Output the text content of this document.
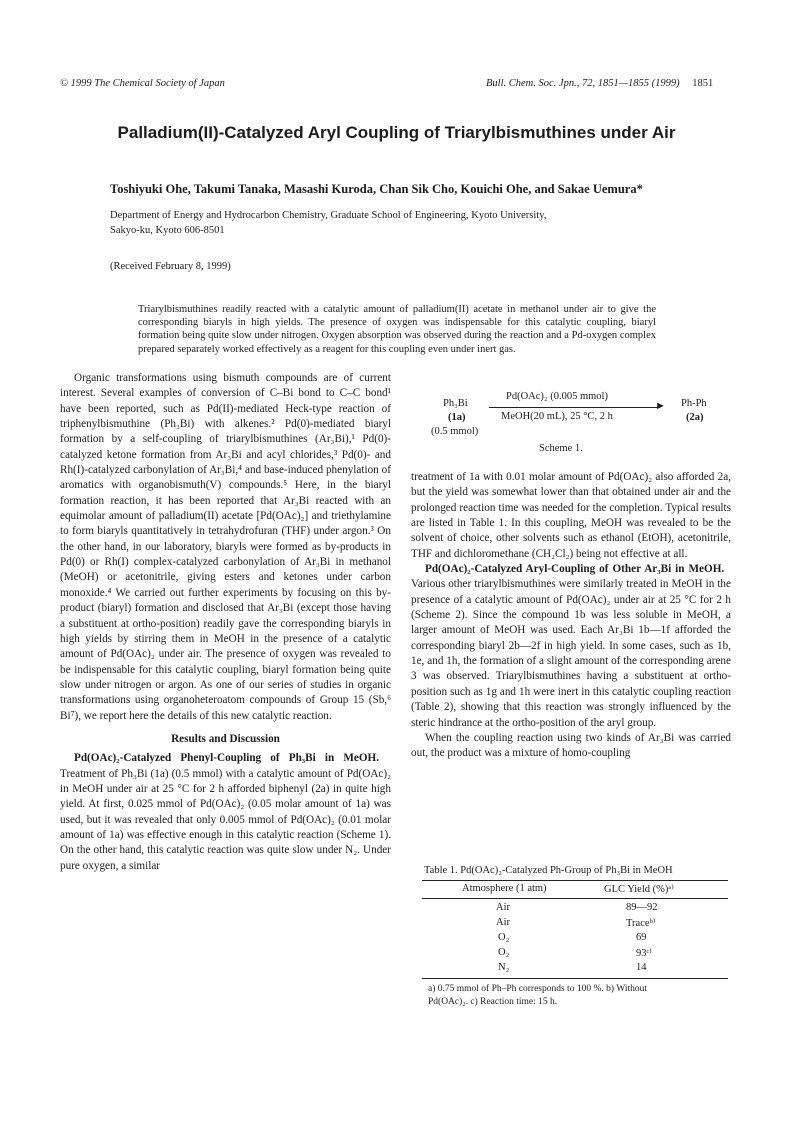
© 1999 The Chemical Society of Japan	Bull. Chem. Soc. Jpn., 72, 1851—1855 (1999) 1851
Palladium(II)-Catalyzed Aryl Coupling of Triarylbismuthines under Air
Toshiyuki Ohe, Takumi Tanaka, Masashi Kuroda, Chan Sik Cho, Kouichi Ohe, and Sakae Uemura*
Department of Energy and Hydrocarbon Chemistry, Graduate School of Engineering, Kyoto University,
Sakyo-ku, Kyoto 606-8501
(Received February 8, 1999)
Triarylbismuthines readily reacted with a catalytic amount of palladium(II) acetate in methanol under air to give the corresponding biaryls in high yields. The presence of oxygen was indispensable for this catalytic coupling, biaryl formation being quite slow under nitrogen. Oxygen absorption was observed during the reaction and a Pd-oxygen complex prepared separately worked effectively as a reagent for this coupling even under inert gas.

Organic transformations using bismuth compounds are of current interest. Several examples of conversion of C–Bi bond to C–C bond¹ have been reported, such as Pd(II)-mediated Heck-type reaction of triphenylbismuthine (Ph₃Bi) with alkenes.² Pd(0)-mediated biaryl formation by a self-coupling of triarylbismuthines (Ar₃Bi),¹ Pd(0)-catalyzed ketone formation from Ar₃Bi and acyl chlorides,³ Pd(0)- and Rh(I)-catalyzed carbonylation of Ar₃Bi,⁴ and base-induced phenylation of aromatics with organobismuth(V) compounds.⁵ Here, in the biaryl formation reaction, it has been reported that Ar₃Bi reacted with an equimolar amount of palladium(II) acetate [Pd(OAc)₂] and triethylamine to form biaryls quantitatively in tetrahydrofuran (THF) under argon.³ On the other hand, in our laboratory, biaryls were formed as by-products in Pd(0) or Rh(I) complex-catalyzed carbonylation of Ar₃Bi in methanol (MeOH) or acetonitrile, giving esters and ketones under carbon monoxide.⁴ We carried out further experiments by focusing on this by-product (biaryl) formation and disclosed that Ar₃Bi (except those having a substituent at ortho-position) readily gave the corresponding biaryls in high yields by stirring them in MeOH in the presence of a catalytic amount of Pd(OAc)₂ under air. The presence of oxygen was revealed to be indispensable for this catalytic coupling, biaryl formation being quite slow under nitrogen or argon. As one of our series of studies in organic transformations using organoheteroatom compounds of Group 15 (Sb,⁶ Bi⁷), we report here the details of this new catalytic reaction.

Results and Discussion

Pd(OAc)₂-Catalyzed Phenyl-Coupling of Ph₃Bi in MeOH.   Treatment of Ph₃Bi (1a) (0.5 mmol) with a catalytic amount of Pd(OAc)₂ in MeOH under air at 25 °C for 2 h afforded biphenyl (2a) in quite high yield. At first, 0.025 mmol of Pd(OAc)₂ (0.05 molar amount of 1a) was used, but it was revealed that only 0.005 mmol of Pd(OAc)₂ (0.01 molar amount of 1a) was effective enough in this catalytic reaction (Scheme 1). On the other hand, this catalytic reaction was quite slow under N₂. Under pure oxygen, a similar

Ph₃Bi
(1a)
(0.5 mmol)
Pd(OAc)₂ (0.005 mmol)
►
MeOH(20 mL), 25 °C, 2 h
Ph-Ph
(2a)
Scheme 1.

treatment of 1a with 0.01 molar amount of Pd(OAc)₂ also afforded 2a, but the yield was somewhat lower than that obtained under air and the prolonged reaction time was needed for the completion. Typical results are listed in Table 1. In this coupling, MeOH was revealed to be the solvent of choice, other solvents such as ethanol (EtOH), acetonitrile, THF and dichloromethane (CH₂Cl₂) being not effective at all.

Pd(OAc)₂-Catalyzed Aryl-Coupling of Other Ar₃Bi in MeOH.   Various other triarylbismuthines were similarly treated in MeOH in the presence of a catalytic amount of Pd(OAc)₂ under air at 25 °C for 2 h (Scheme 2). Since the compound 1b was less soluble in MeOH, a larger amount of MeOH was used. Each Ar₃Bi 1b—1f afforded the corresponding biaryl 2b—2f in high yield. In some cases, such as 1b, 1e, and 1h, the formation of a slight amount of the corresponding arene 3 was observed. Triarylbismuthines having a substituent at ortho-position such as 1g and 1h were inert in this catalytic coupling reaction (Table 2), showing that this reaction was strongly influenced by the steric hindrance at the ortho-position of the aryl group.

When the coupling reaction using two kinds of Ar₃Bi was carried out, the product was a mixture of homo-coupling

Table 1. Pd(OAc)₂-Catalyzed Ph-Group of Ph₃Bi in MeOH
Atmosphere (1 atm)	GLC Yield (%)ᵃ⁾
Air	89—92
Air	Traceᵇ⁾
O₂	69
O₂	93ᶜ⁾
N₂	14
a) 0.75 mmol of Ph–Ph corresponds to 100 %. b) Without
Pd(OAc)₂. c) Reaction time: 15 h.
